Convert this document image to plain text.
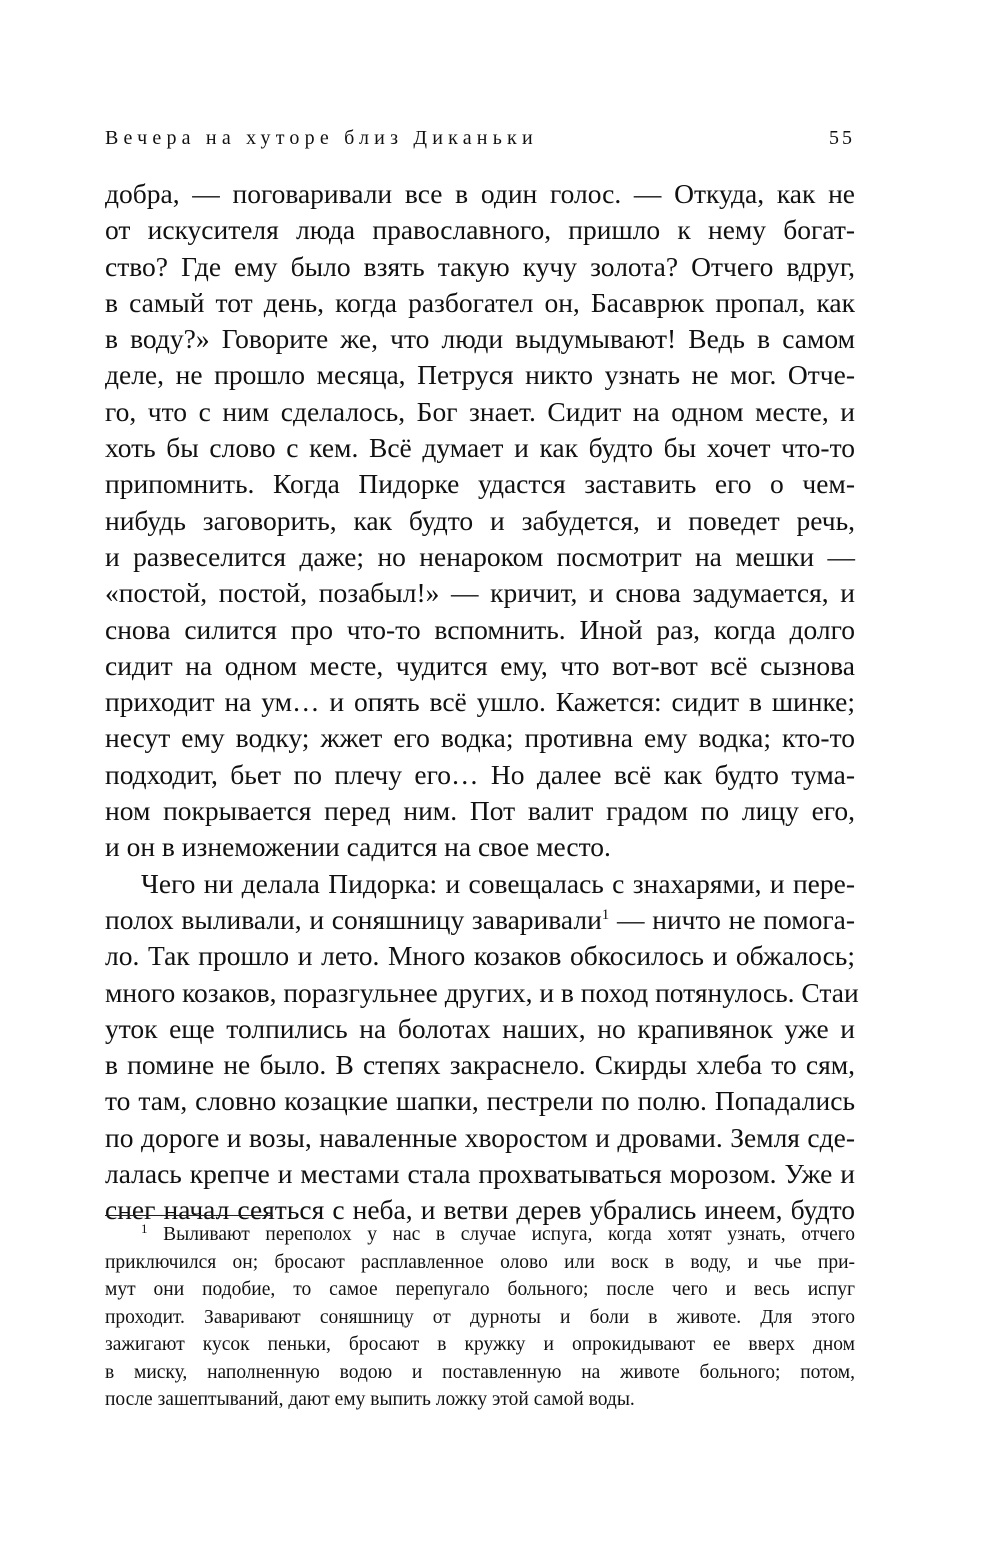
Вечера на хуторе близ Диканьки	55
добра, — поговаривали все в один голос. — Откуда, как не
от искусителя люда православного, пришло к нему богат-
ство? Где ему было взять такую кучу золота? Отчего вдруг,
в самый тот день, когда разбогател он, Басаврюк пропал, как
в воду?» Говорите же, что люди выдумывают! Ведь в самом
деле, не прошло месяца, Петруся никто узнать не мог. Отче-
го, что с ним сделалось, Бог знает. Сидит на одном месте, и
хоть бы слово с кем. Всё думает и как будто бы хочет что-то
припомнить. Когда Пидорке удастся заставить его о чем-
нибудь заговорить, как будто и забудется, и поведет речь,
и развеселится даже; но ненароком посмотрит на мешки —
«постой, постой, позабыл!» — кричит, и снова задумается, и
снова силится про что-то вспомнить. Иной раз, когда долго
сидит на одном месте, чудится ему, что вот-вот всё сызнова
приходит на ум… и опять всё ушло. Кажется: сидит в шинке;
несут ему водку; жжет его водка; противна ему водка; кто-то
подходит, бьет по плечу его… Но далее всё как будто тума-
ном покрывается перед ним. Пот валит градом по лицу его,
и он в изнеможении садится на свое место.
Чего ни делала Пидорка: и совещалась с знахарями, и пере-
полох выливали, и соняшницу заваривали$^1$ — ничто не помога-
ло. Так прошло и лето. Много козаков обкосилось и обжалось;
много козаков, поразгульнее других, и в поход потянулось. Стаи
уток еще толпились на болотах наших, но крапивянок уже и
в помине не было. В степях закраснело. Скирды хлеба то сям,
то там, словно козацкие шапки, пестрели по полю. Попадались
по дороге и возы, наваленные хворостом и дровами. Земля сде-
лалась крепче и местами стала прохватываться морозом. Уже и
снег начал сеяться с неба, и ветви дерев убрались инеем, будто
$^1$ Выливают переполох у нас в случае испуга, когда хотят узнать, отчего
приключился он; бросают расплавленное олово или воск в воду, и чье при-
мут они подобие, то самое перепугало больного; после чего и весь испуг
проходит. Заваривают соняшницу от дурноты и боли в животе. Для этого
зажигают кусок пеньки, бросают в кружку и опрокидывают ее вверх дном
в миску, наполненную водою и поставленную на животе больного; потом,
после зашептываний, дают ему выпить ложку этой самой воды.
